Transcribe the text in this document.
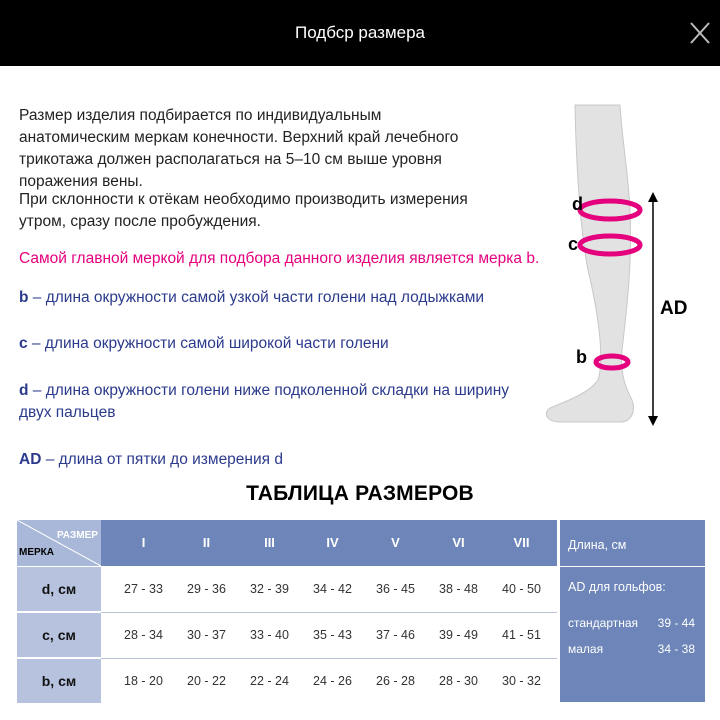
Подбср размера
Размер изделия подбирается по индивидуальным анатомическим меркам конечности. Верхний край лечебного трикотажа должен располагаться на 5–10 см выше уровня поражения вены.
При склонности к отёкам необходимо производить измерения утром, сразу после пробуждения.
Самой главной меркой для подбора данного изделия является мерка b.
b – длина окружности самой узкой части голени над лодыжками
c – длина окружности самой широкой части голени
d – длина окружности голени ниже подколенной складки на ширину двух пальцев
AD – длина от пятки до измерения d
d
c
b
AD
ТАБЛИЦА РАЗМЕРОВ
РАЗМЕР
МЕРКА
I	II	III	IV	V	VI	VII
d, см	27 - 33	29 - 36	32 - 39	34 - 42	36 - 45	38 - 48	40 - 50
c, см	28 - 34	30 - 37	33 - 40	35 - 43	37 - 46	39 - 49	41 - 51
b, см	18 - 20	20 - 22	22 - 24	24 - 26	26 - 28	28 - 30	30 - 32
Длина, см
AD для гольфов:
стандартная 39 - 44
малая	34 - 38
